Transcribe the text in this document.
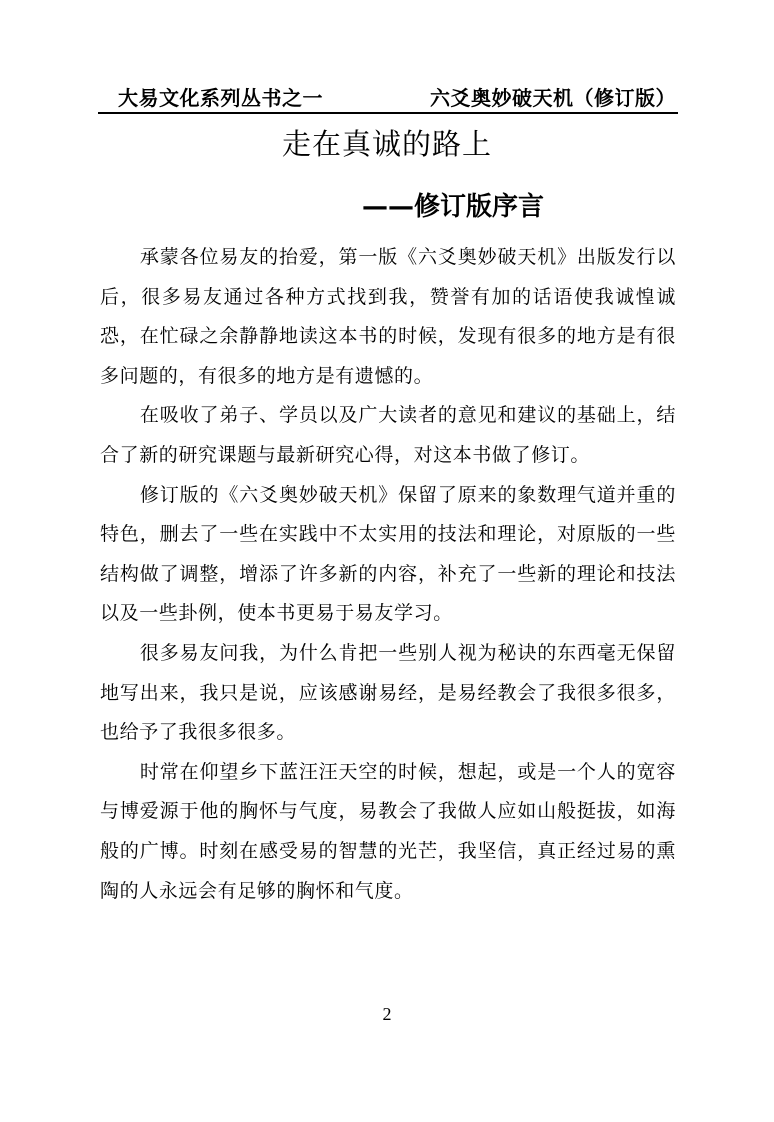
大易文化系列丛书之一	六爻奥妙破天机（修订版）
走在真诚的路上
——修订版序言

承蒙各位易友的抬爱，第一版《六爻奥妙破天机》出版发行以后，很多易友通过各种方式找到我，赞誉有加的话语使我诚惶诚恐，在忙碌之余静静地读这本书的时候，发现有很多的地方是有很多问题的，有很多的地方是有遗憾的。

在吸收了弟子、学员以及广大读者的意见和建议的基础上，结合了新的研究课题与最新研究心得，对这本书做了修订。

修订版的《六爻奥妙破天机》保留了原来的象数理气道并重的特色，删去了一些在实践中不太实用的技法和理论，对原版的一些结构做了调整，增添了许多新的内容，补充了一些新的理论和技法以及一些卦例，使本书更易于易友学习。

很多易友问我，为什么肯把一些别人视为秘诀的东西毫无保留地写出来，我只是说，应该感谢易经，是易经教会了我很多很多，也给予了我很多很多。

时常在仰望乡下蓝汪汪天空的时候，想起，或是一个人的宽容与博爱源于他的胸怀与气度，易教会了我做人应如山般挺拔，如海般的广博。时刻在感受易的智慧的光芒，我坚信，真正经过易的熏陶的人永远会有足够的胸怀和气度。

2
